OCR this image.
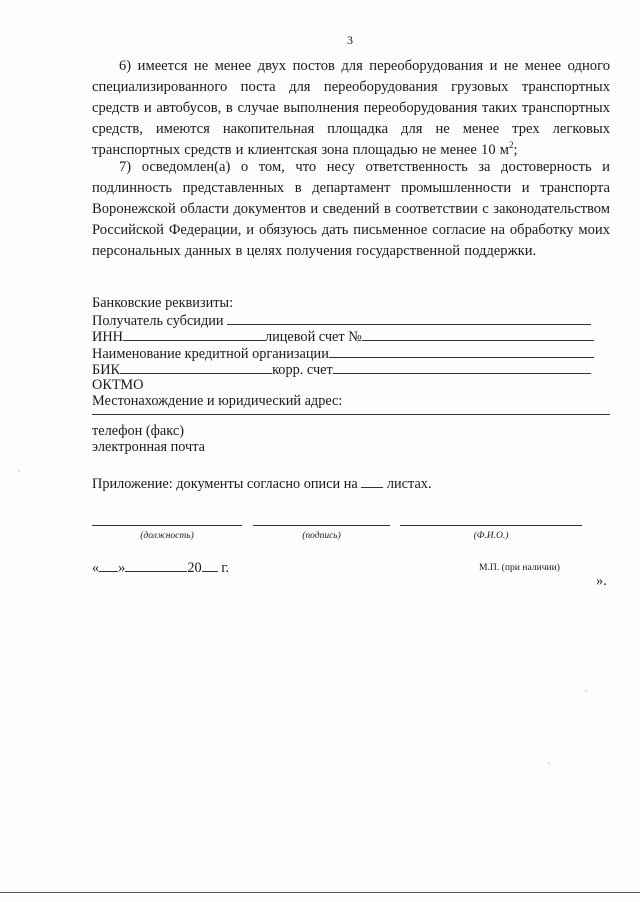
3

6) имеется не менее двух постов для переоборудования и не менее одного специализированного поста для переоборудования грузовых транспортных средств и автобусов, в случае выполнения переоборудования таких транспортных средств, имеются накопительная площадка для не менее трех легковых транспортных средств и клиентская зона площадью не менее 10 $м^2$;

7) осведомлен(а) о том, что несу ответственность за достоверность и подлинность представленных в департамент промышленности и транспорта Воронежской области документов и сведений в соответствии с законодательством Российской Федерации, и обязуюсь дать письменное согласие на обработку моих персональных данных в целях получения государственной поддержки.

Банковские реквизиты:
Получатель субсидии
ИНН	лицевой счет №
Наименование кредитной организации
БИК	корр. счет
ОКТМО
Местонахождение и юридический адрес:
телефон (факс)
электронная почта
Приложение: документы согласно описи на листах.
(должность)	(подпись)	(Ф.И.О.)
« »	20 г.	М.П. (при наличии)
».
